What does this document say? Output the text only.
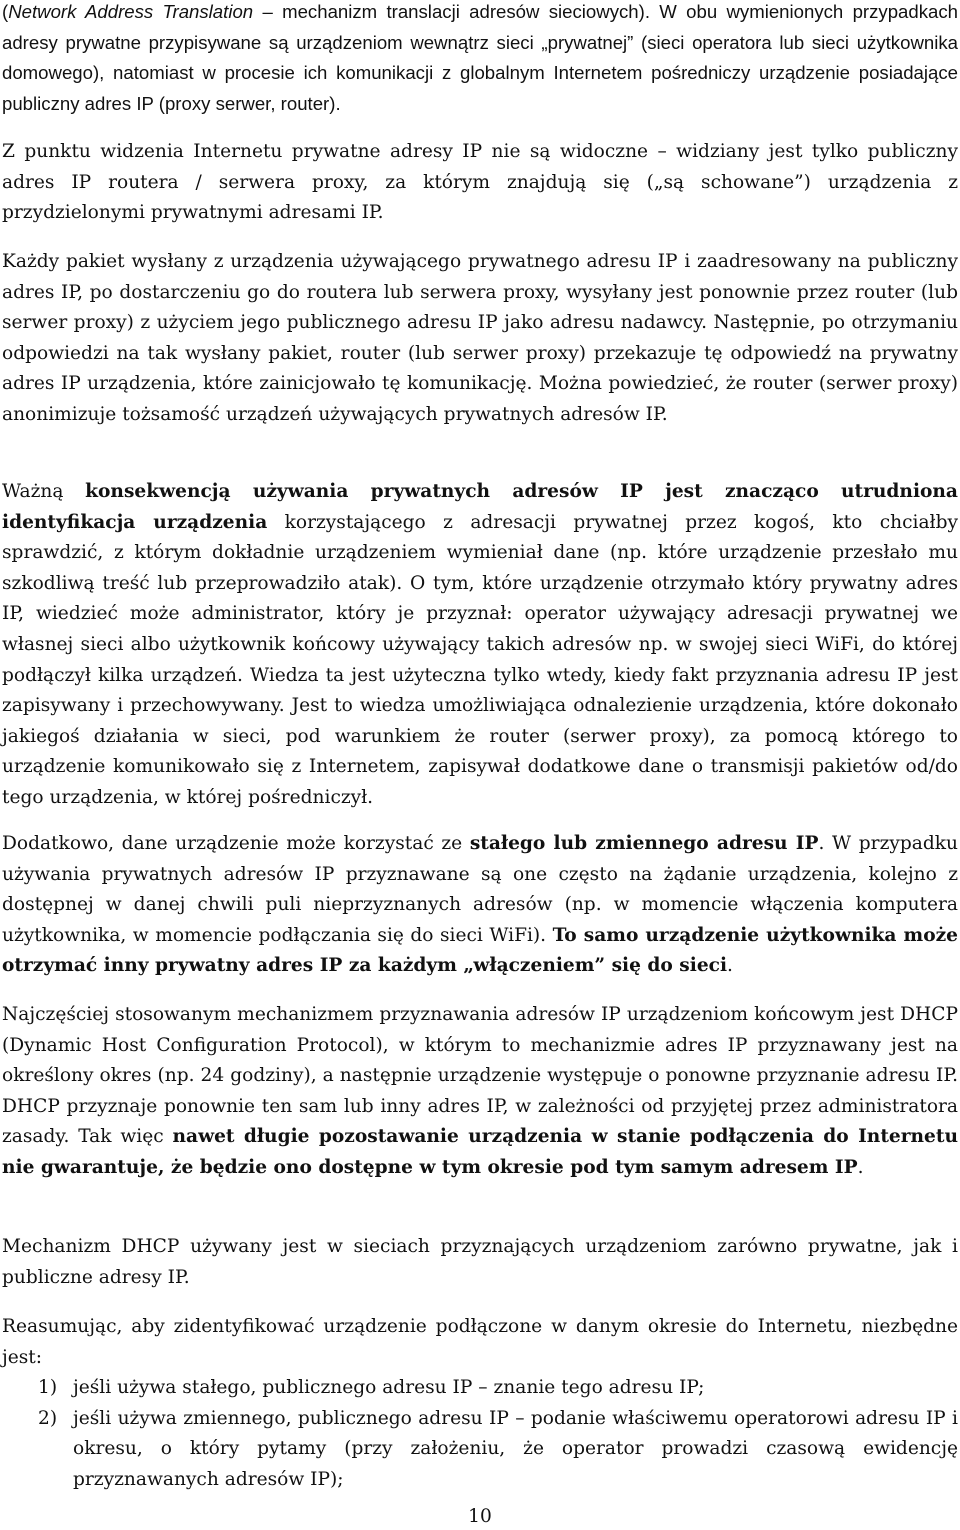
(Network Address Translation – mechanizm translacji adresów sieciowych). W obu wymienionych przypadkach adresy prywatne przypisywane są urządzeniom wewnątrz sieci „prywatnej” (sieci operatora lub sieci użytkownika domowego), natomiast w procesie ich komunikacji z globalnym Internetem pośredniczy urządzenie posiadające publiczny adres IP (proxy serwer, router).

Z punktu widzenia Internetu prywatne adresy IP nie są widoczne – widziany jest tylko publiczny adres IP routera / serwera proxy, za którym znajdują się („są schowane”) urządzenia z przydzielonymi prywatnymi adresami IP.

Każdy pakiet wysłany z urządzenia używającego prywatnego adresu IP i zaadresowany na publiczny adres IP, po dostarczeniu go do routera lub serwera proxy, wysyłany jest ponownie przez router (lub serwer proxy) z użyciem jego publicznego adresu IP jako adresu nadawcy. Następnie, po otrzymaniu odpowiedzi na tak wysłany pakiet, router (lub serwer proxy) przekazuje tę odpowiedź na prywatny adres IP urządzenia, które zainicjowało tę komunikację. Można powiedzieć, że router (serwer proxy) anonimizuje tożsamość urządzeń używających prywatnych adresów IP.

Ważną konsekwencją używania prywatnych adresów IP jest znacząco utrudniona identyfikacja urządzenia korzystającego z adresacji prywatnej przez kogoś, kto chciałby sprawdzić, z którym dokładnie urządzeniem wymieniał dane (np. które urządzenie przesłało mu szkodliwą treść lub przeprowadziło atak). O tym, które urządzenie otrzymało który prywatny adres IP, wiedzieć może administrator, który je przyznał: operator używający adresacji prywatnej we własnej sieci albo użytkownik końcowy używający takich adresów np. w swojej sieci WiFi, do której podłączył kilka urządzeń. Wiedza ta jest użyteczna tylko wtedy, kiedy fakt przyznania adresu IP jest zapisywany i przechowywany. Jest to wiedza umożliwiająca odnalezienie urządzenia, które dokonało jakiegoś działania w sieci, pod warunkiem że router (serwer proxy), za pomocą którego to urządzenie komunikowało się z Internetem, zapisywał dodatkowe dane o transmisji pakietów od/do tego urządzenia, w której pośredniczył.

Dodatkowo, dane urządzenie może korzystać ze stałego lub zmiennego adresu IP. W przypadku używania prywatnych adresów IP przyznawane są one często na żądanie urządzenia, kolejno z dostępnej w danej chwili puli nieprzyznanych adresów (np. w momencie włączenia komputera użytkownika, w momencie podłączania się do sieci WiFi). To samo urządzenie użytkownika może otrzymać inny prywatny adres IP za każdym „włączeniem” się do sieci.

Najczęściej stosowanym mechanizmem przyznawania adresów IP urządzeniom końcowym jest DHCP (Dynamic Host Configuration Protocol), w którym to mechanizmie adres IP przyznawany jest na określony okres (np. 24 godziny), a następnie urządzenie występuje o ponowne przyznanie adresu IP. DHCP przyznaje ponownie ten sam lub inny adres IP, w zależności od przyjętej przez administratora zasady. Tak więc nawet długie pozostawanie urządzenia w stanie podłączenia do Internetu nie gwarantuje, że będzie ono dostępne w tym okresie pod tym samym adresem IP.

Mechanizm DHCP używany jest w sieciach przyznających urządzeniom zarówno prywatne, jak i publiczne adresy IP.

Reasumując, aby zidentyfikować urządzenie podłączone w danym okresie do Internetu, niezbędne jest:

1) jeśli używa stałego, publicznego adresu IP – znanie tego adresu IP;
2) jeśli używa zmiennego, publicznego adresu IP – podanie właściwemu operatorowi adresu IP i okresu, o który pytamy (przy założeniu, że operator prowadzi czasową ewidencję przyznawanych adresów IP);
10
